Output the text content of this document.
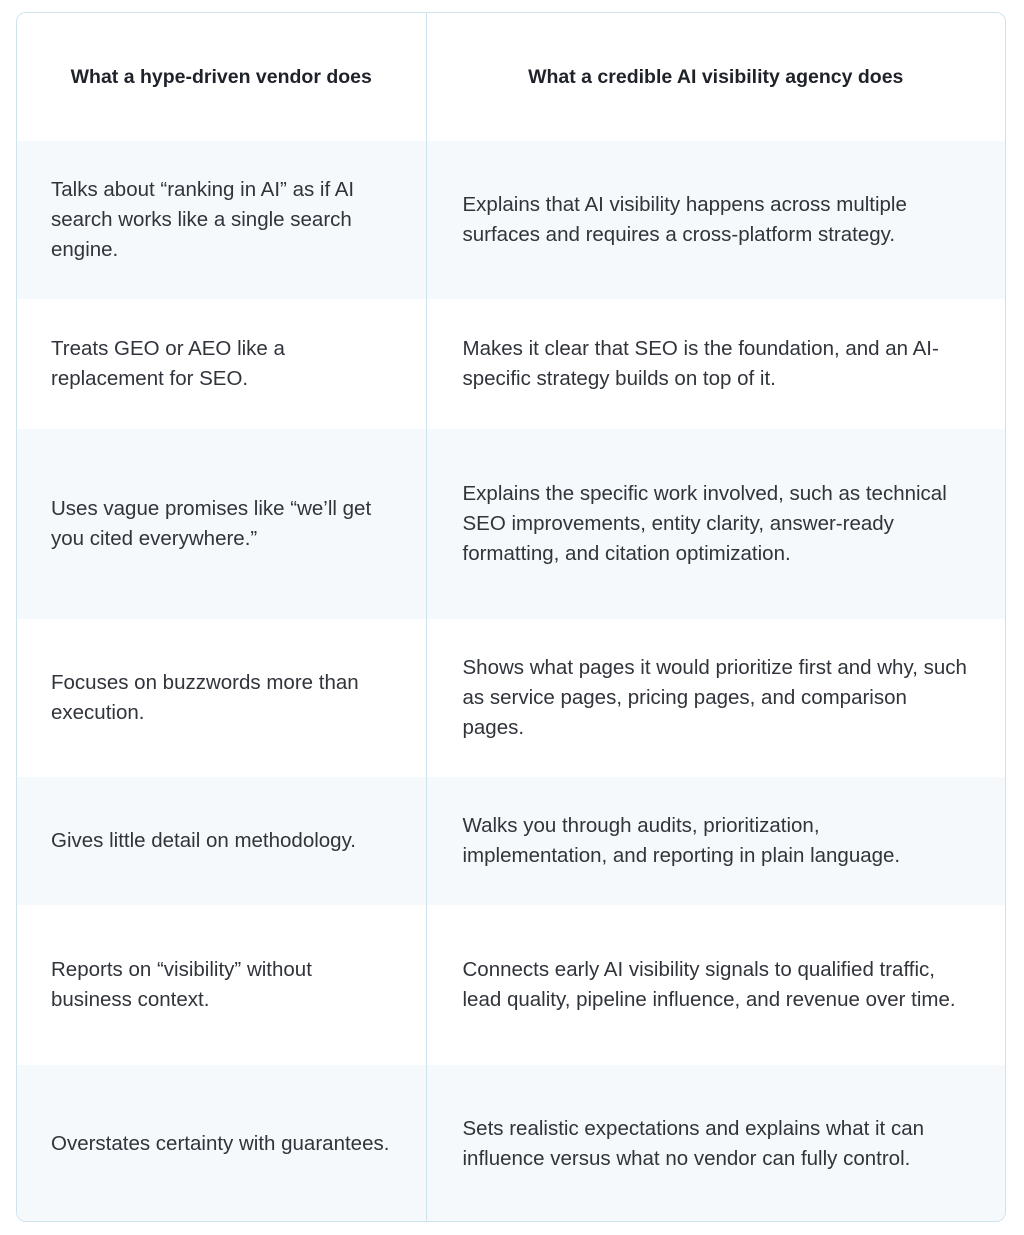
What a hype-driven vendor does	What a credible AI visibility agency does
Talks about “ranking in AI” as if AI search works like a single search engine.	Explains that AI visibility happens across multiple surfaces and requires a cross-platform strategy.
Treats GEO or AEO like a replacement for SEO.	Makes it clear that SEO is the foundation, and an AI-specific strategy builds on top of it.
Uses vague promises like “we’ll get you cited everywhere.”	Explains the specific work involved, such as technical SEO improvements, entity clarity, answer-ready formatting, and citation optimization.
Focuses on buzzwords more than execution.	Shows what pages it would prioritize first and why, such as service pages, pricing pages, and comparison pages.
Gives little detail on methodology.	Walks you through audits, prioritization, implementation, and reporting in plain language.
Reports on “visibility” without business context.	Connects early AI visibility signals to qualified traffic, lead quality, pipeline influence, and revenue over time.
Overstates certainty with guarantees.	Sets realistic expectations and explains what it can influence versus what no vendor can fully control.
